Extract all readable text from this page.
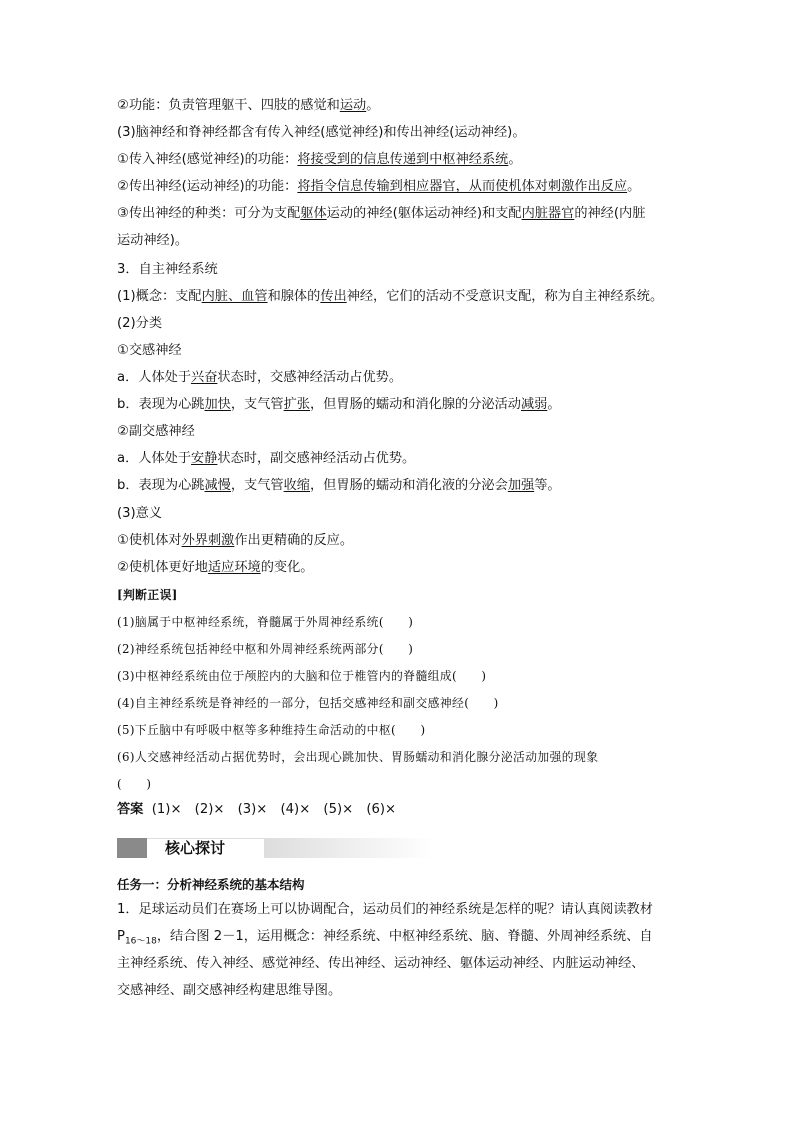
②功能：负责管理躯干、四肢的感觉和运动。
(3)脑神经和脊神经都含有传入神经(感觉神经)和传出神经(运动神经)。
①传入神经(感觉神经)的功能：将接受到的信息传递到中枢神经系统。
②传出神经(运动神经)的功能：将指令信息传输到相应器官，从而使机体对刺激作出反应。
③传出神经的种类：可分为支配躯体运动的神经(躯体运动神经)和支配内脏器官的神经(内脏
运动神经)。
3．自主神经系统
(1)概念：支配内脏、血管和腺体的传出神经，它们的活动不受意识支配，称为自主神经系统。
(2)分类
①交感神经
a．人体处于兴奋状态时，交感神经活动占优势。
b．表现为心跳加快，支气管扩张，但胃肠的蠕动和消化腺的分泌活动减弱。
②副交感神经
a．人体处于安静状态时，副交感神经活动占优势。
b．表现为心跳减慢，支气管收缩，但胃肠的蠕动和消化液的分泌会加强等。
(3)意义
①使机体对外界刺激作出更精确的反应。
②使机体更好地适应环境的变化。
[判断正误]
(1)脑属于中枢神经系统，脊髓属于外周神经系统(　　)
(2)神经系统包括神经中枢和外周神经系统两部分(　　)
(3)中枢神经系统由位于颅腔内的大脑和位于椎管内的脊髓组成(　　)
(4)自主神经系统是脊神经的一部分，包括交感神经和副交感神经(　　)
(5)下丘脑中有呼吸中枢等多种维持生命活动的中枢(　　)
(6)人交感神经活动占据优势时，会出现心跳加快、胃肠蠕动和消化腺分泌活动加强的现象
(　　)
答案 (1)×　(2)×　(3)×　(4)×　(5)×　(6)×
核心探讨
任务一：分析神经系统的基本结构
1．足球运动员们在赛场上可以协调配合，运动员们的神经系统是怎样的呢？请认真阅读教材
$P_{16\sim 18}$，结合图 2－1，运用概念：神经系统、中枢神经系统、脑、脊髓、外周神经系统、自
主神经系统、传入神经、感觉神经、传出神经、运动神经、躯体运动神经、内脏运动神经、
交感神经、副交感神经构建思维导图。
